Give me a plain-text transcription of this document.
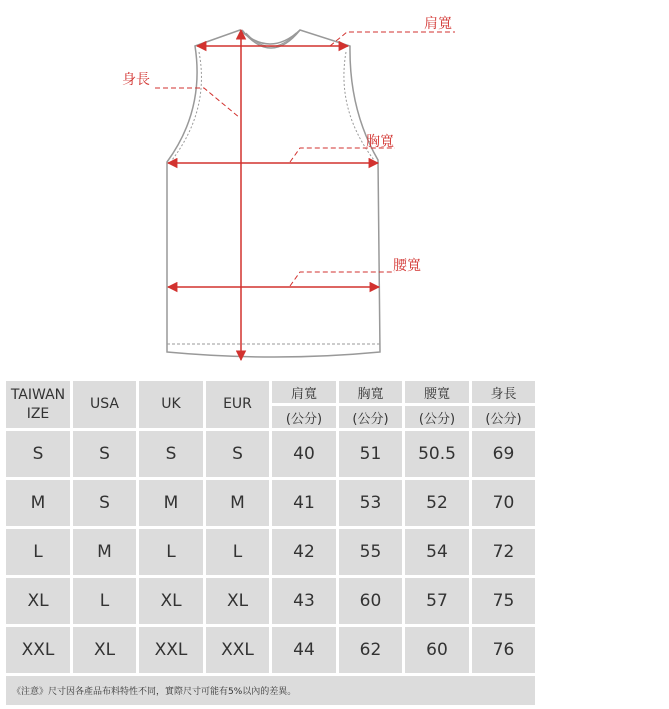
肩寬
身長
胸寬
腰寬
TAIWAN
IZE	USA	UK	EUR	肩寬	胸寬	腰寬	身長
				(公分)	(公分)	(公分)	(公分)
S	S	S	S	40	51	50.5	69
M	S	M	M	41	53	52	70
L	M	L	L	42	55	54	72
XL	L	XL	XL	43	60	57	75
XXL	XL	XXL	XXL	44	62	60	76
《注意》尺寸因各產品布料特性不同，實際尺寸可能有5%以內的差異。							
